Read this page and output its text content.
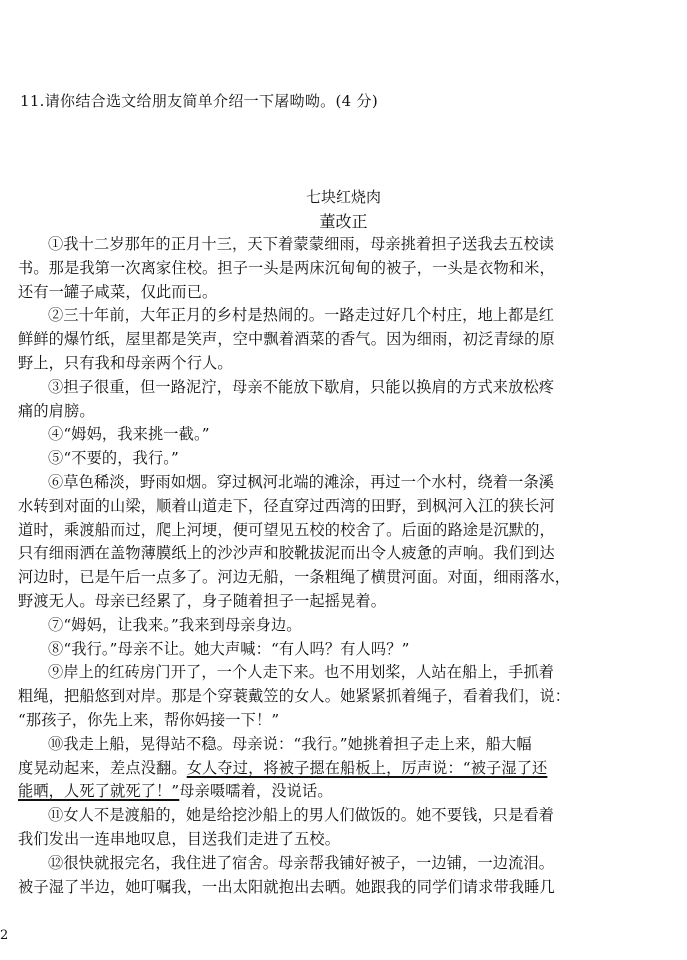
11.请你结合选文给朋友简单介绍一下屠呦呦。(4 分)
七块红烧肉
董改正
①我十二岁那年的正月十三，天下着蒙蒙细雨，母亲挑着担子送我去五校读
书。那是我第一次离家住校。担子一头是两床沉甸甸的被子，一头是衣物和米，
还有一罐子咸菜，仅此而已。
②三十年前，大年正月的乡村是热闹的。一路走过好几个村庄，地上都是红
鲜鲜的爆竹纸，屋里都是笑声，空中飘着酒菜的香气。因为细雨，初泛青绿的原
野上，只有我和母亲两个行人。
③担子很重，但一路泥泞，母亲不能放下歇肩，只能以换肩的方式来放松疼
痛的肩膀。
④“姆妈，我来挑一截。”
⑤“不要的，我行。”
⑥草色稀淡，野雨如烟。穿过枫河北端的滩涂，再过一个水村，绕着一条溪
水转到对面的山梁，顺着山道走下，径直穿过西湾的田野，到枫河入江的狭长河
道时，乘渡船而过，爬上河埂，便可望见五校的校舍了。后面的路途是沉默的，
只有细雨洒在盖物薄膜纸上的沙沙声和胶靴拔泥而出令人疲惫的声响。我们到达
河边时，已是午后一点多了。河边无船，一条粗绳了横贯河面。对面，细雨落水，
野渡无人。母亲已经累了，身子随着担子一起摇晃着。
⑦“姆妈，让我来。”我来到母亲身边。
⑧“我行。”母亲不让。她大声喊：“有人吗？有人吗？”
⑨岸上的红砖房门开了，一个人走下来。也不用划桨，人站在船上，手抓着
粗绳，把船悠到对岸。那是个穿蓑戴笠的女人。她紧紧抓着绳子，看着我们，说：
“那孩子，你先上来，帮你妈接一下！”
⑩我走上船，晃得站不稳。母亲说：“我行。”她挑着担子走上来，船大幅
度晃动起来，差点没翻。女人夺过，将被子摁在船板上，厉声说：“被子湿了还
能晒，人死了就死了！”母亲嗫嚅着，没说话。
⑪女人不是渡船的，她是给挖沙船上的男人们做饭的。她不要钱，只是看着
我们发出一连串地叹息，目送我们走进了五校。
⑫很快就报完名，我住进了宿舍。母亲帮我铺好被子，一边铺，一边流泪。
被子湿了半边，她叮嘱我，一出太阳就抱出去晒。她跟我的同学们请求带我睡几
2
